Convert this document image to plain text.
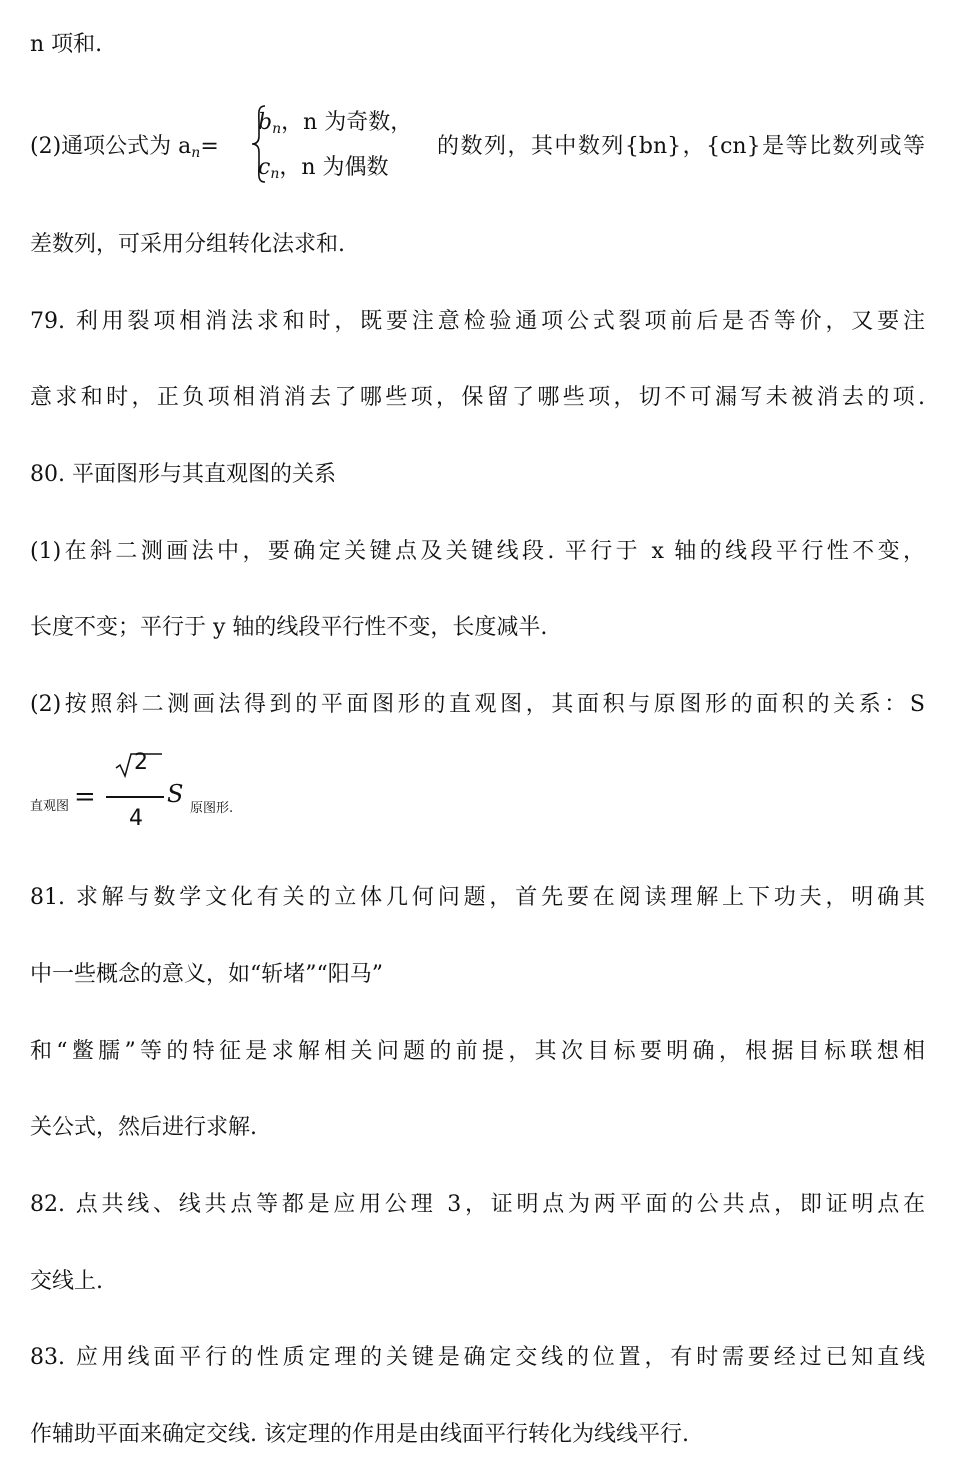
n 项和.
(2)通项公式为 $a_n=$
$b_n$，n 为奇数，
$c_n$，n 为偶数
的数列，其中数列{bn}，{cn}是等比数列或等
差数列，可采用分组转化法求和.
79. 利用裂项相消法求和时，既要注意检验通项公式裂项前后是否等价，又要注
意求和时，正负项相消消去了哪些项，保留了哪些项，切不可漏写未被消去的项.
80. 平面图形与其直观图的关系
(1)在斜二测画法中，要确定关键点及关键线段. 平行于 x 轴的线段平行性不变，
长度不变；平行于 y 轴的线段平行性不变，长度减半.
(2)按照斜二测画法得到的平面图形的直观图，其面积与原图形的面积的关系：S
直观图 =
2
4
S
原图形.
81. 求解与数学文化有关的立体几何问题，首先要在阅读理解上下功夫，明确其
中一些概念的意义，如“斩堵”“阳马”
和“鳖臑”等的特征是求解相关问题的前提，其次目标要明确，根据目标联想相
关公式，然后进行求解.
82. 点共线、线共点等都是应用公理 3，证明点为两平面的公共点，即证明点在
交线上.
83. 应用线面平行的性质定理的关键是确定交线的位置，有时需要经过已知直线
作辅助平面来确定交线. 该定理的作用是由线面平行转化为线线平行.
